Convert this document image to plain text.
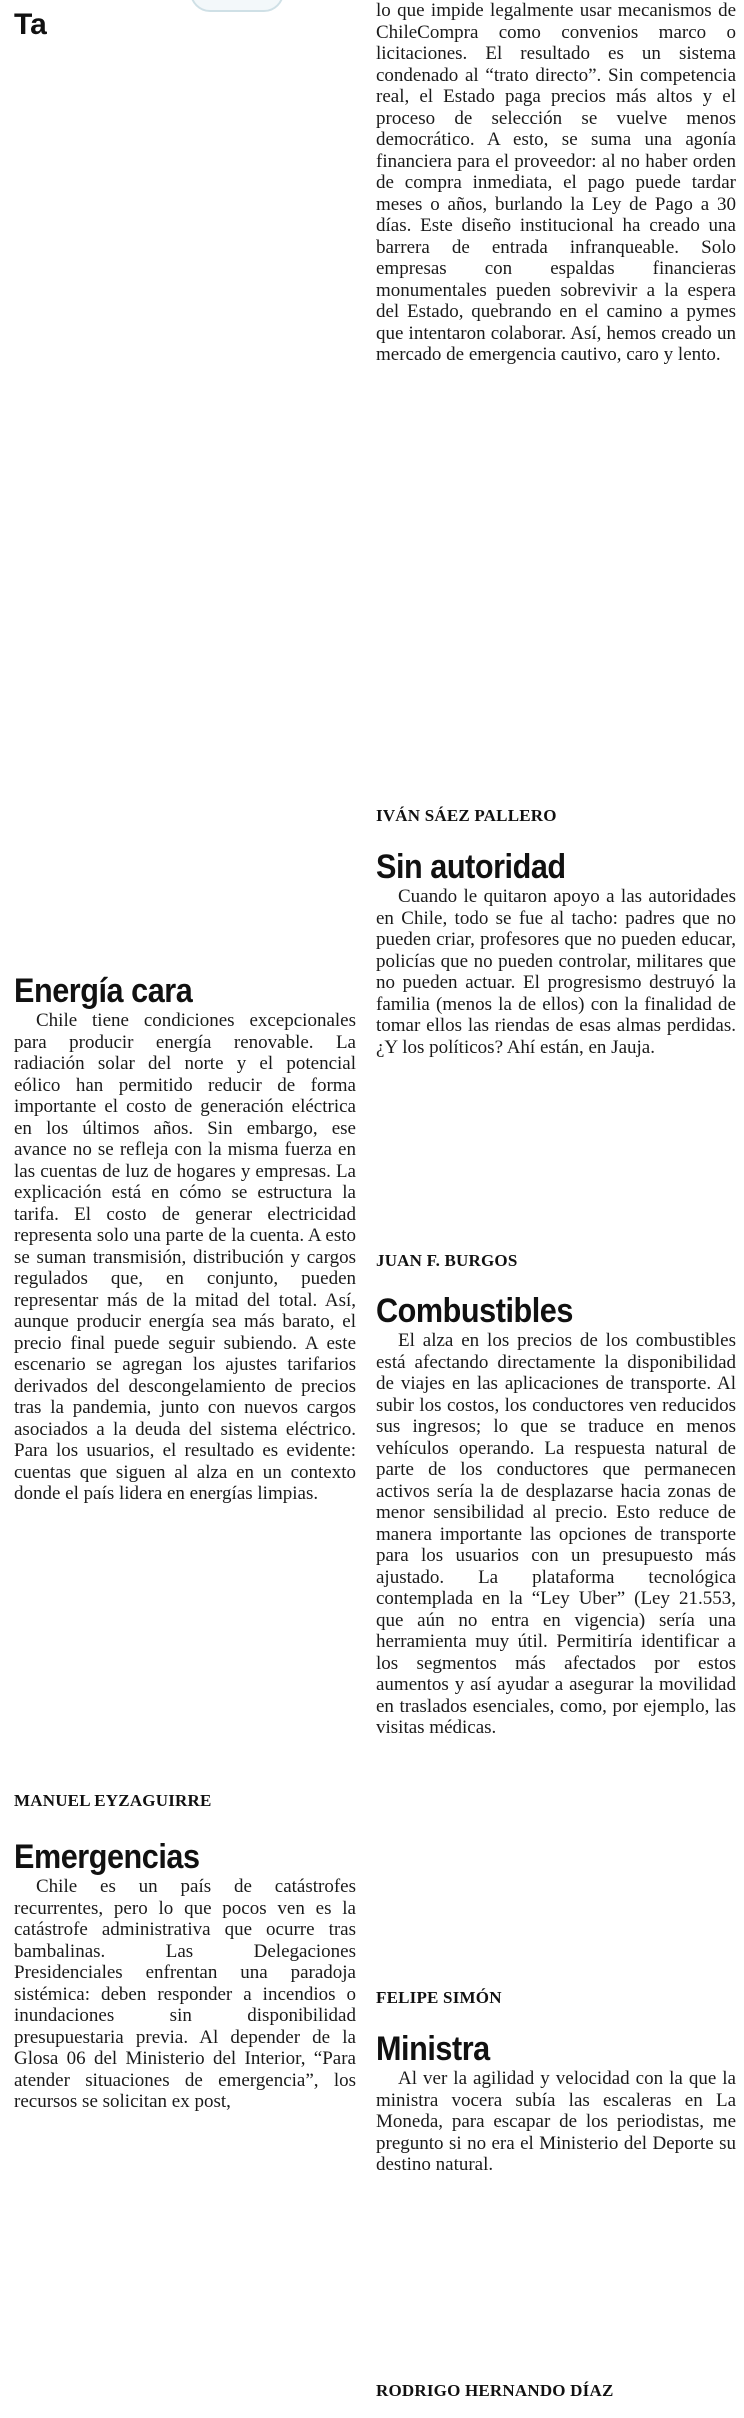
Ta
Energía cara

Chile tiene condiciones excepcionales para producir energía renovable. La radiación solar del norte y el potencial eólico han permitido reducir de forma importante el costo de generación eléctrica en los últimos años. Sin embargo, ese avance no se refleja con la misma fuerza en las cuentas de luz de hogares y empresas. La explicación está en cómo se estructura la tarifa. El costo de generar electricidad representa solo una parte de la cuenta. A esto se suman transmisión, distribución y cargos regulados que, en conjunto, pueden representar más de la mitad del total. Así, aunque producir energía sea más barato, el precio final puede seguir subiendo. A este escenario se agregan los ajustes tarifarios derivados del descongelamiento de precios tras la pandemia, junto con nuevos cargos asociados a la deuda del sistema eléctrico. Para los usuarios, el resultado es evidente: cuentas que siguen al alza en un contexto donde el país lidera en energías limpias.

MANUEL EYZAGUIRRE

Emergencias

Chile es un país de catástrofes recurrentes, pero lo que pocos ven es la catástrofe administrativa que ocurre tras bambalinas. Las Delegaciones Presidenciales enfrentan una paradoja sistémica: deben responder a incendios o inundaciones sin disponibilidad presupuestaria previa. Al depender de la Glosa 06 del Ministerio del Interior, “Para atender situaciones de emergencia”, los recursos se solicitan ex post,

lo que impide legalmente usar mecanismos de ChileCompra como convenios marco o licitaciones. El resultado es un sistema condenado al “trato directo”. Sin competencia real, el Estado paga precios más altos y el proceso de selección se vuelve menos democrático. A esto, se suma una agonía financiera para el proveedor: al no haber orden de compra inmediata, el pago puede tardar meses o años, burlando la Ley de Pago a 30 días. Este diseño institucional ha creado una barrera de entrada infranqueable. Solo empresas con espaldas financieras monumentales pueden sobrevivir a la espera del Estado, quebrando en el camino a pymes que intentaron colaborar. Así, hemos creado un mercado de emergencia cautivo, caro y lento.

IVÁN SÁEZ PALLERO

Sin autoridad

Cuando le quitaron apoyo a las autoridades en Chile, todo se fue al tacho: padres que no pueden criar, profesores que no pueden educar, policías que no pueden controlar, militares que no pueden actuar. El progresismo destruyó la familia (menos la de ellos) con la finalidad de tomar ellos las riendas de esas almas perdidas. ¿Y los políticos? Ahí están, en Jauja.

JUAN F. BURGOS

Combustibles

El alza en los precios de los combustibles está afectando directamente la disponibilidad de viajes en las aplicaciones de transporte. Al subir los costos, los conductores ven reducidos sus ingresos; lo que se traduce en menos vehículos operando. La respuesta natural de parte de los conductores que permanecen activos sería la de desplazarse hacia zonas de menor sensibilidad al precio. Esto reduce de manera importante las opciones de transporte para los usuarios con un presupuesto más ajustado. La plataforma tecnológica contemplada en la “Ley Uber” (Ley 21.553, que aún no entra en vigencia) sería una herramienta muy útil. Permitiría identificar a los segmentos más afectados por estos aumentos y así ayudar a asegurar la movilidad en traslados esenciales, como, por ejemplo, las visitas médicas.

FELIPE SIMÓN

Ministra

Al ver la agilidad y velocidad con la que la ministra vocera subía las escaleras en La Moneda, para escapar de los periodistas, me pregunto si no era el Ministerio del Deporte su destino natural.

RODRIGO HERNANDO DÍAZ
